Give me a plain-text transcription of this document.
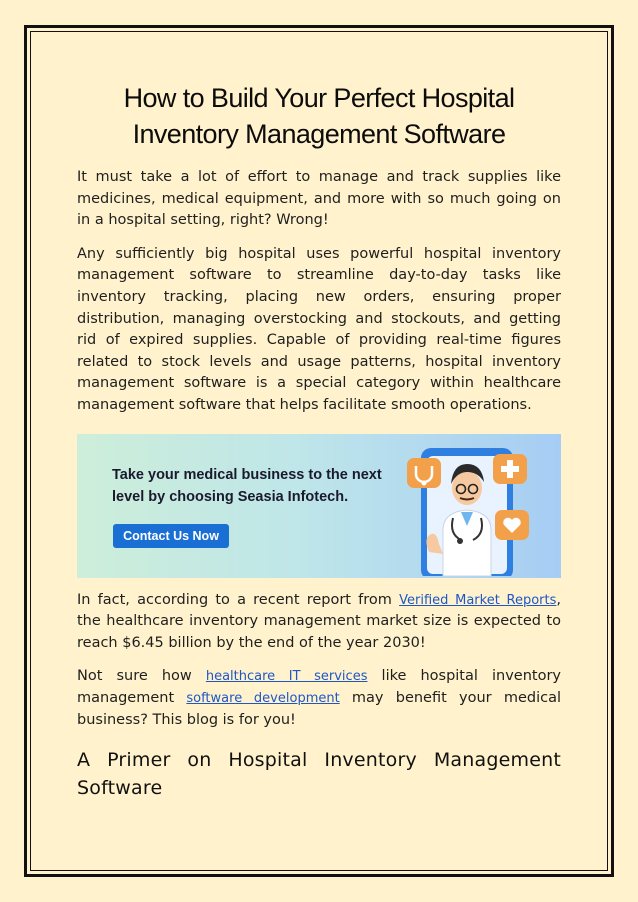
How to Build Your Perfect Hospital
Inventory Management Software

It must take a lot of effort to manage and track supplies like medicines, medical equipment, and more with so much going on in a hospital setting, right? Wrong!

Any sufficiently big hospital uses powerful hospital inventory management software to streamline day-to-day tasks like inventory tracking, placing new orders, ensuring proper distribution, managing overstocking and stockouts, and getting rid of expired supplies. Capable of providing real-time figures related to stock levels and usage patterns, hospital inventory management software is a special category within healthcare management software that helps facilitate smooth operations.

Take your medical business to the next
level by choosing Seasia Infotech.
Contact Us Now

In fact, according to a recent report from Verified Market Reports, the healthcare inventory management market size is expected to reach $6.45 billion by the end of the year 2030!

Not sure how healthcare IT services like hospital inventory management software development may benefit your medical business? This blog is for you!

A Primer on Hospital Inventory Management
Software
